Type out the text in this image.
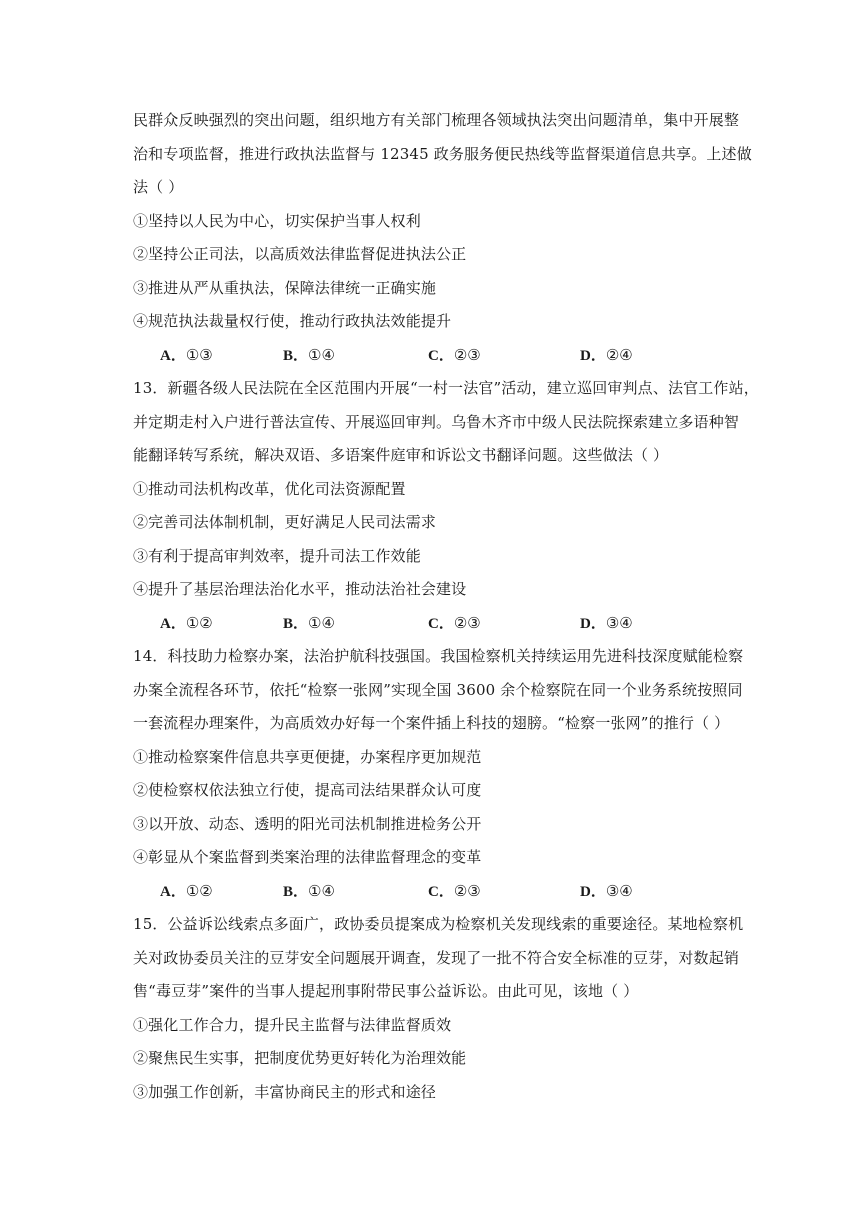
民群众反映强烈的突出问题，组织地方有关部门梳理各领域执法突出问题清单，集中开展整
治和专项监督，推进行政执法监督与 12345 政务服务便民热线等监督渠道信息共享。上述做
法（ ）
①坚持以人民为中心，切实保护当事人权利
②坚持公正司法，以高质效法律监督促进执法公正
③推进从严从重执法，保障法律统一正确实施
④规范执法裁量权行使，推动行政执法效能提升
A．①③	B．①④	C．②③	D．②④
13．新疆各级人民法院在全区范围内开展“一村一法官”活动，建立巡回审判点、法官工作站，
并定期走村入户进行普法宣传、开展巡回审判。乌鲁木齐市中级人民法院探索建立多语种智
能翻译转写系统，解决双语、多语案件庭审和诉讼文书翻译问题。这些做法（ ）
①推动司法机构改革，优化司法资源配置
②完善司法体制机制，更好满足人民司法需求
③有利于提高审判效率，提升司法工作效能
④提升了基层治理法治化水平，推动法治社会建设
A．①②	B．①④	C．②③	D．③④
14．科技助力检察办案，法治护航科技强国。我国检察机关持续运用先进科技深度赋能检察
办案全流程各环节，依托“检察一张网”实现全国 3600 余个检察院在同一个业务系统按照同
一套流程办理案件，为高质效办好每一个案件插上科技的翅膀。“检察一张网”的推行（ ）
①推动检察案件信息共享更便捷，办案程序更加规范
②使检察权依法独立行使，提高司法结果群众认可度
③以开放、动态、透明的阳光司法机制推进检务公开
④彰显从个案监督到类案治理的法律监督理念的变革
A．①②	B．①④	C．②③	D．③④
15．公益诉讼线索点多面广，政协委员提案成为检察机关发现线索的重要途径。某地检察机
关对政协委员关注的豆芽安全问题展开调查，发现了一批不符合安全标准的豆芽，对数起销
售“毒豆芽”案件的当事人提起刑事附带民事公益诉讼。由此可见，该地（ ）
①强化工作合力，提升民主监督与法律监督质效
②聚焦民生实事，把制度优势更好转化为治理效能
③加强工作创新，丰富协商民主的形式和途径
